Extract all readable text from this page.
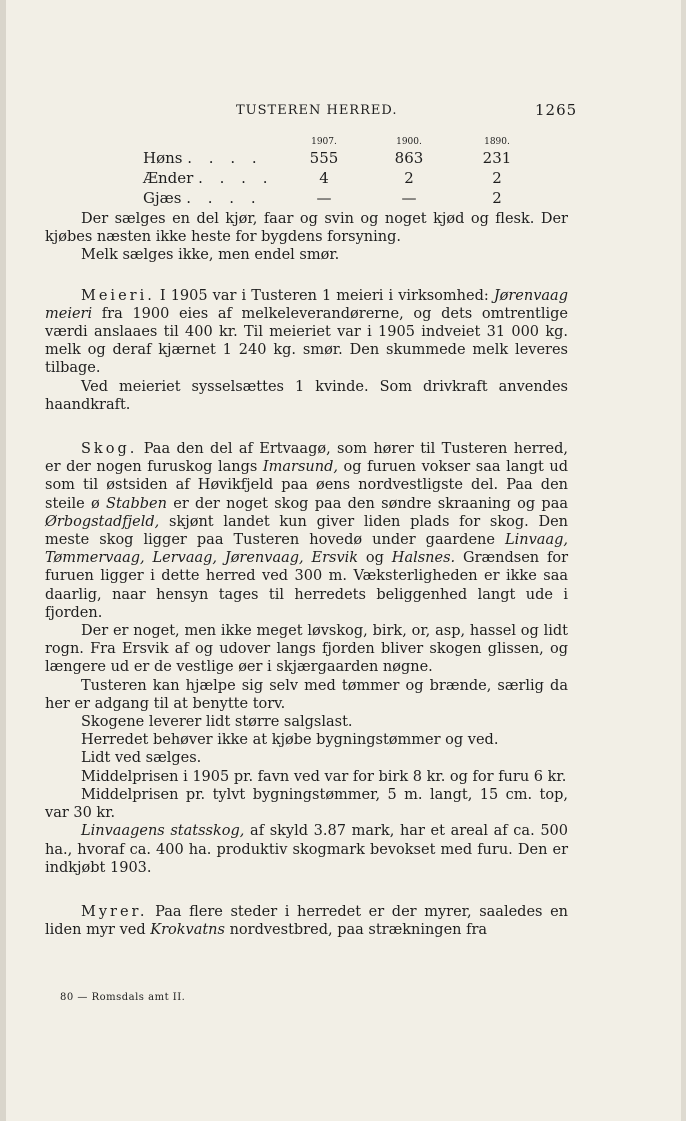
TUSTEREN HERRED.	1265
	1907.	1900.	1890.
Høns . . . .	555	863	231
Ænder . . . .	4	2	2
Gjæs . . . .	—	—	2

Der sælges en del kjør, faar og svin og noget kjød og flesk. Der kjøbes næsten ikke heste for bygdens forsyning.

Melk sælges ikke, men endel smør.

Meieri. I 1905 var i Tusteren 1 meieri i virksomhed: Jørenvaag meieri fra 1900 eies af melkeleverandørerne, og dets omtrentlige værdi anslaaes til 400 kr. Til meieriet var i 1905 indveiet 31 000 kg. melk og deraf kjærnet 1 240 kg. smør. Den skummede melk leveres tilbage.

Ved meieriet sysselsættes 1 kvinde. Som drivkraft anvendes haandkraft.

Skog. Paa den del af Ertvaagø, som hører til Tusteren herred, er der nogen furuskog langs Imarsund, og furuen vokser saa langt ud som til østsiden af Høvikfjeld paa øens nordvestligste del. Paa den steile ø Stabben er der noget skog paa den søndre skraaning og paa Ørbogstadfjeld, skjønt landet kun giver liden plads for skog. Den meste skog ligger paa Tusteren hovedø under gaardene Linvaag, Tømmervaag, Lervaag, Jørenvaag, Ersvik og Halsnes. Grændsen for furuen ligger i dette herred ved 300 m. Væksterligheden er ikke saa daarlig, naar hensyn tages til herredets beliggenhed langt ude i fjorden.

Der er noget, men ikke meget løvskog, birk, or, asp, hassel og lidt rogn. Fra Ersvik af og udover langs fjorden bliver skogen glissen, og længere ud er de vestlige øer i skjærgaarden nøgne.

Tusteren kan hjælpe sig selv med tømmer og brænde, særlig da her er adgang til at benytte torv.

Skogene leverer lidt større salgslast.

Herredet behøver ikke at kjøbe bygningstømmer og ved.

Lidt ved sælges.

Middelprisen i 1905 pr. favn ved var for birk 8 kr. og for furu 6 kr.

Middelprisen pr. tylvt bygningstømmer, 5 m. langt, 15 cm. top, var 30 kr.

Linvaagens statsskog, af skyld 3.87 mark, har et areal af ca. 500 ha., hvoraf ca. 400 ha. produktiv skogmark bevokset med furu. Den er indkjøbt 1903.

Myrer. Paa flere steder i herredet er der myrer, saaledes en liden myr ved Krokvatns nordvestbred, paa strækningen fra

80 — Romsdals amt II.
